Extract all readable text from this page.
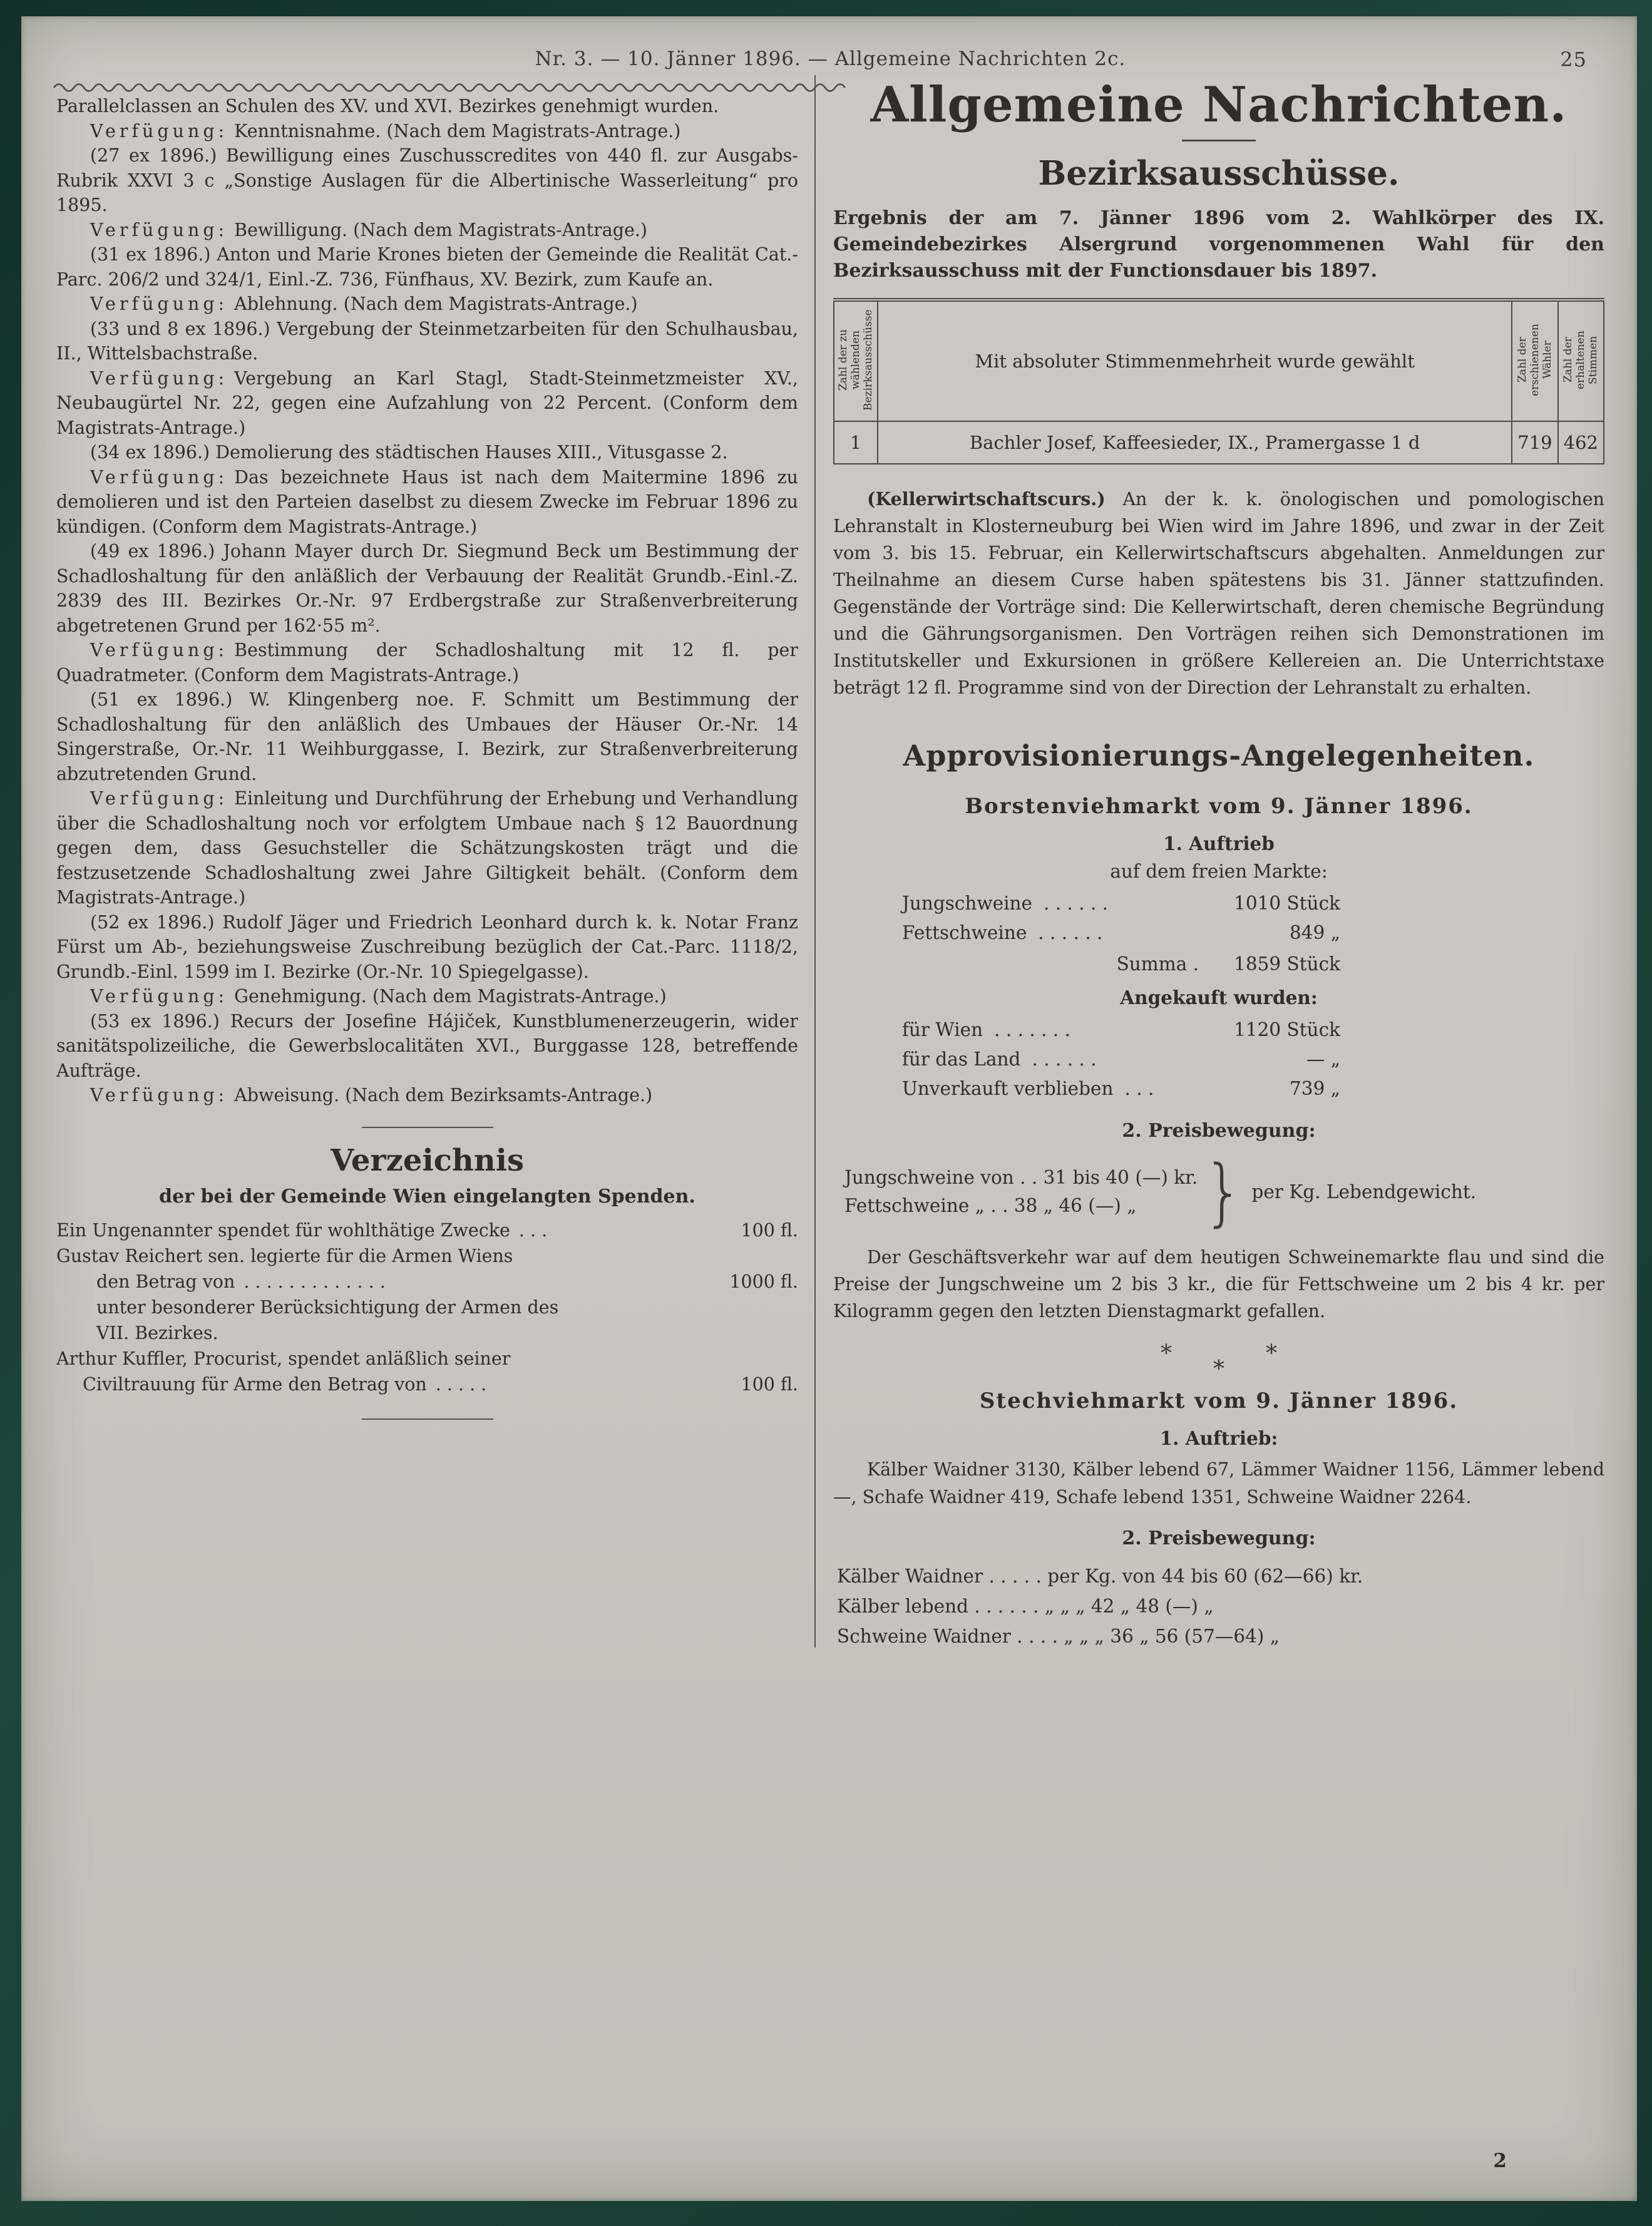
Nr. 3. — 10. Jänner 1896. — Allgemeine Nachrichten 2c.	25

Parallelclassen an Schulen des XV. und XVI. Bezirkes genehmigt wurden.

Verfügung: Kenntnisnahme. (Nach dem Magistrats-Antrage.)

(27 ex 1896.) Bewilligung eines Zuschusscredites von 440 fl. zur Ausgabs-Rubrik XXVI 3 c „Sonstige Auslagen für die Albertinische Wasserleitung“ pro 1895.

Verfügung: Bewilligung. (Nach dem Magistrats-Antrage.)

(31 ex 1896.) Anton und Marie Krones bieten der Gemeinde die Realität Cat.-Parc. 206/2 und 324/1, Einl.-Z. 736, Fünfhaus, XV. Bezirk, zum Kaufe an.

Verfügung: Ablehnung. (Nach dem Magistrats-Antrage.)

(33 und 8 ex 1896.) Vergebung der Steinmetzarbeiten für den Schulhausbau, II., Wittelsbachstraße.

Verfügung: Vergebung an Karl Stagl, Stadt-Steinmetzmeister XV., Neubaugürtel Nr. 22, gegen eine Aufzahlung von 22 Percent. (Conform dem Magistrats-Antrage.)

(34 ex 1896.) Demolierung des städtischen Hauses XIII., Vitusgasse 2.

Verfügung: Das bezeichnete Haus ist nach dem Maitermine 1896 zu demolieren und ist den Parteien daselbst zu diesem Zwecke im Februar 1896 zu kündigen. (Conform dem Magistrats-Antrage.)

(49 ex 1896.) Johann Mayer durch Dr. Siegmund Beck um Bestimmung der Schadloshaltung für den anläßlich der Verbauung der Realität Grundb.-Einl.-Z. 2839 des III. Bezirkes Or.-Nr. 97 Erdbergstraße zur Straßenverbreiterung abgetretenen Grund per 162·55 m².

Verfügung: Bestimmung der Schadloshaltung mit 12 fl. per Quadratmeter. (Conform dem Magistrats-Antrage.)

(51 ex 1896.) W. Klingenberg noe. F. Schmitt um Bestimmung der Schadloshaltung für den anläßlich des Umbaues der Häuser Or.-Nr. 14 Singerstraße, Or.-Nr. 11 Weihburggasse, I. Bezirk, zur Straßenverbreiterung abzutretenden Grund.

Verfügung: Einleitung und Durchführung der Erhebung und Verhandlung über die Schadloshaltung noch vor erfolgtem Umbaue nach § 12 Bauordnung gegen dem, dass Gesuchsteller die Schätzungskosten trägt und die festzusetzende Schadloshaltung zwei Jahre Giltigkeit behält. (Conform dem Magistrats-Antrage.)

(52 ex 1896.) Rudolf Jäger und Friedrich Leonhard durch k. k. Notar Franz Fürst um Ab-, beziehungsweise Zuschreibung bezüglich der Cat.-Parc. 1118/2, Grundb.-Einl. 1599 im I. Bezirke (Or.-Nr. 10 Spiegelgasse).

Verfügung: Genehmigung. (Nach dem Magistrats-Antrage.)

(53 ex 1896.) Recurs der Josefine Hájiček, Kunstblumenerzeugerin, wider sanitätspolizeiliche, die Gewerbslocalitäten XVI., Burggasse 128, betreffende Aufträge.

Verfügung: Abweisung. (Nach dem Bezirksamts-Antrage.)

Verzeichnis

der bei der Gemeinde Wien eingelangten Spenden.

Ein Ungenannter spendet für wohlthätige Zwecke . . .	100 fl.
Gustav Reichert sen. legierte für die Armen Wiens
den Betrag von . . . . . . . . . . . . .	1000 fl.
unter besonderer Berücksichtigung der Armen des
VII. Bezirkes.
Arthur Kuffler, Procurist, spendet anläßlich seiner
Civiltrauung für Arme den Betrag von . . . . .	100 fl.
Allgemeine Nachrichten.
Bezirksausschüsse.

Ergebnis der am 7. Jänner 1896 vom 2. Wahlkörper des IX. Gemeindebezirkes Alsergrund vorgenommenen Wahl für den Bezirksausschuss mit der Functionsdauer bis 1897.

Zahl der zu wählenden Bezirksausschüsse	Mit absoluter Stimmenmehrheit wurde gewählt	Zahl der erschienenen Wähler	Zahl der erhaltenen Stimmen
1	Bachler Josef, Kaffeesieder, IX., Pramergasse 1 d	719	462

(Kellerwirtschaftscurs.) An der k. k. önologischen und pomologischen Lehranstalt in Klosterneuburg bei Wien wird im Jahre 1896, und zwar in der Zeit vom 3. bis 15. Februar, ein Kellerwirtschaftscurs abgehalten. Anmeldungen zur Theilnahme an diesem Curse haben spätestens bis 31. Jänner stattzufinden. Gegenstände der Vorträge sind: Die Kellerwirtschaft, deren chemische Begründung und die Gährungsorganismen. Den Vorträgen reihen sich Demonstrationen im Institutskeller und Exkursionen in größere Kellereien an. Die Unterrichtstaxe beträgt 12 fl. Programme sind von der Direction der Lehranstalt zu erhalten.

Approvisionierungs-Angelegenheiten.
Borstenviehmarkt vom 9. Jänner 1896.
1. Auftrieb
auf dem freien Markte:
Jungschweine . . . . . .	1010 Stück
Fettschweine . . . . . .	849 „
Summa . 1859 Stück
Angekauft wurden:
für Wien . . . . . . .	1120 Stück
für das Land . . . . . .	— „
Unverkauft verblieben . . .	739 „
2. Preisbewegung:
Jungschweine von . . 31 bis 40 (—) kr.
Fettschweine „ . . 38 „ 46 (—) „	} per Kg. Lebendgewicht.

Der Geschäftsverkehr war auf dem heutigen Schweinemarkte flau und sind die Preise der Jungschweine um 2 bis 3 kr., die für Fettschweine um 2 bis 4 kr. per Kilogramm gegen den letzten Dienstagmarkt gefallen.

*	*
*
Stechviehmarkt vom 9. Jänner 1896.
1. Auftrieb:

Kälber Waidner 3130, Kälber lebend 67, Lämmer Waidner 1156, Lämmer lebend —, Schafe Waidner 419, Schafe lebend 1351, Schweine Waidner 2264.

2. Preisbewegung:
Kälber Waidner . . . . . per Kg. von 44 bis 60 (62—66) kr.
Kälber lebend . . . . . . „ „ „ 42 „ 48 (—) „
Schweine Waidner . . . . „ „ „ 36 „ 56 (57—64) „
2
